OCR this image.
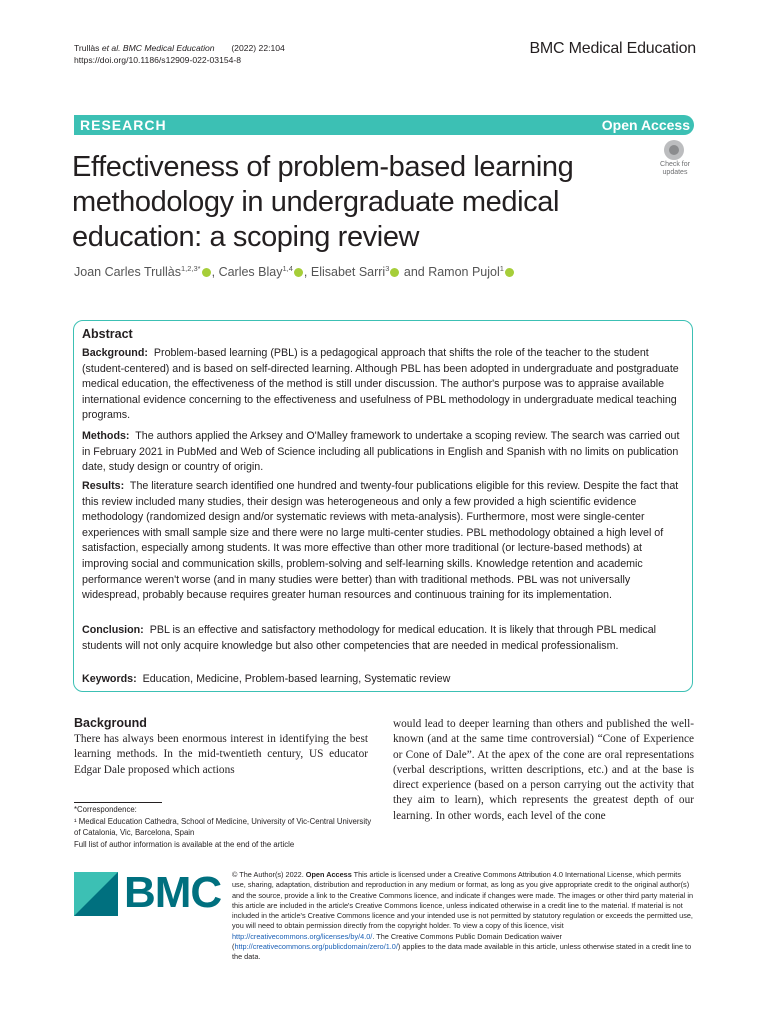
Trullàs et al. BMC Medical Education (2022) 22:104
https://doi.org/10.1186/s12909-022-03154-8
BMC Medical Education
RESEARCH	Open Access
Effectiveness of problem-based learning methodology in undergraduate medical education: a scoping review
Check for
updates
Joan Carles Trullàs$^{1,2,3*}$ , Carles Blay$^{1,4}$ , Elisabet Sarri$^3$ and Ramon Pujol$^1$
Abstract
Background: Problem-based learning (PBL) is a pedagogical approach that shifts the role of the teacher to the student (student-centered) and is based on self-directed learning. Although PBL has been adopted in undergraduate and postgraduate medical education, the effectiveness of the method is still under discussion. The author's purpose was to appraise available international evidence concerning to the effectiveness and usefulness of PBL methodology in undergraduate medical teaching programs.
Methods: The authors applied the Arksey and O'Malley framework to undertake a scoping review. The search was carried out in February 2021 in PubMed and Web of Science including all publications in English and Spanish with no limits on publication date, study design or country of origin.
Results: The literature search identified one hundred and twenty-four publications eligible for this review. Despite the fact that this review included many studies, their design was heterogeneous and only a few provided a high scientific evidence methodology (randomized design and/or systematic reviews with meta-analysis). Furthermore, most were single-center experiences with small sample size and there were no large multi-center studies. PBL methodology obtained a high level of satisfaction, especially among students. It was more effective than other more traditional (or lecture-based methods) at improving social and communication skills, problem-solving and self-learning skills. Knowledge retention and academic performance weren't worse (and in many studies were better) than with traditional methods. PBL was not universally widespread, probably because requires greater human resources and continuous training for its implementation.
Conclusion: PBL is an effective and satisfactory methodology for medical education. It is likely that through PBL medical students will not only acquire knowledge but also other competencies that are needed in medical professionalism.
Keywords: Education, Medicine, Problem-based learning, Systematic review
Background
There has always been enormous interest in identifying the best learning methods. In the mid-twentieth century, US educator Edgar Dale proposed which actions
would lead to deeper learning than others and published the well-known (and at the same time controversial) “Cone of Experience or Cone of Dale”. At the apex of the cone are oral representations (verbal descriptions, written descriptions, etc.) and at the base is direct experience (based on a person carrying out the activity that they aim to learn), which represents the greatest depth of our learning. In other words, each level of the cone
*Correspondence:
¹ Medical Education Cathedra, School of Medicine, University of Vic-Central University of Catalonia, Vic, Barcelona, Spain
Full list of author information is available at the end of the article
BMC © The Author(s) 2022. Open Access This article is licensed under a Creative Commons Attribution 4.0 International License, which permits use, sharing, adaptation, distribution and reproduction in any medium or format, as long as you give appropriate credit to the original author(s) and the source, provide a link to the Creative Commons licence, and indicate if changes were made. The images or other third party material in this article are included in the article's Creative Commons licence, unless indicated otherwise in a credit line to the material. If material is not included in the article's Creative Commons licence and your intended use is not permitted by statutory regulation or exceeds the permitted use, you will need to obtain permission directly from the copyright holder. To view a copy of this licence, visit http://creativecommons.org/licenses/by/4.0/. The Creative Commons Public Domain Dedication waiver (http://creativecommons.org/publicdomain/zero/1.0/) applies to the data made available in this article, unless otherwise stated in a credit line to the data.
